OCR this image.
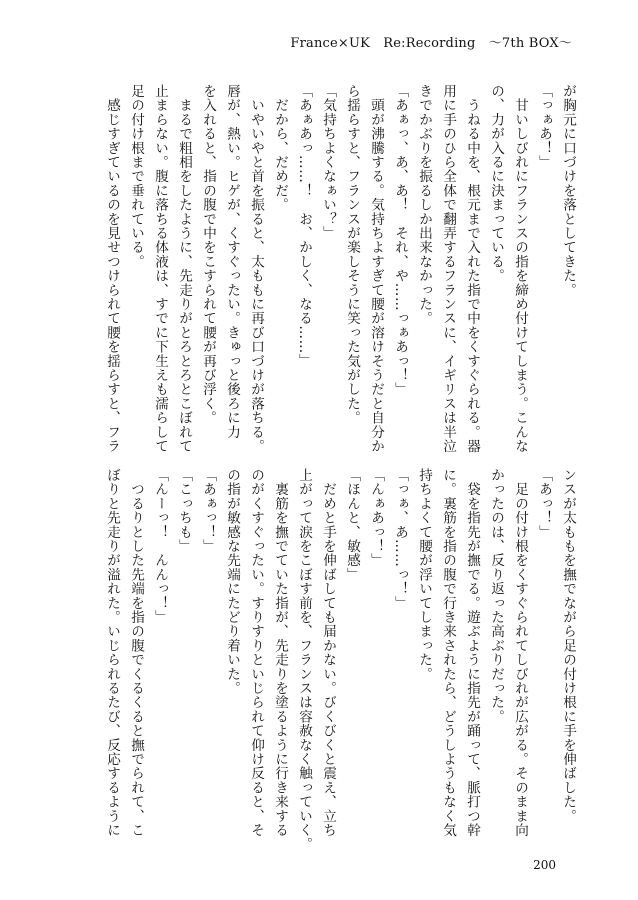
France×UK　Re:Recording　～7th BOX～

が胸元に口づけを落としてきた。

「っぁあ！」

　甘いしびれにフランスの指を締め付けてしまう。こんな

の、力が入るに決まっている。

　うねる中を、根元まで入れた指で中をくすぐられる。器

用に手のひら全体で翻弄するフランスに、イギリスは半泣

きでかぶりを振るしか出来なかった。

「あぁっ、あ、あ！　それ、や……っぁあっ！」

　頭が沸騰する。気持ちよすぎて腰が溶けそうだと自分か

ら揺らすと、フランスが楽しそうに笑った気がした。

「気持ちよくなぁい？」

「あぁあっ……！　お、かしく、なる……」

　だから、だめだ。

　いやいやと首を振ると、太ももに再び口づけが落ちる。

唇が、熱い。ヒゲが、くすぐったい。きゅっと後ろに力

を入れると、指の腹で中をこすられて腰が再び浮く。

　まるで粗相をしたように、先走りがとろとろとこぼれて

止まらない。腹に落ちる体液は、すでに下生えも濡らして

足の付け根まで垂れている。

　感じすぎているのを見せつけられて腰を揺らすと、フラ

ンスが太ももを撫でながら足の付け根に手を伸ばした。

「あっ！」

　足の付け根をくすぐられてしびれが広がる。そのまま向

かったのは、反り返った高ぶりだった。

　袋を指先が撫でる。遊ぶように指先が踊って、脈打つ幹

に。裏筋を指の腹で行き来されたら、どうしようもなく気

持ちよくて腰が浮いてしまった。

「っぁ、あ……っ！」

「んぁあっ！」

「ほんと、敏感」

　だめと手を伸ばしても届かない。びくびくと震え、立ち

上がって涙をこぼす前を、フランスは容赦なく触っていく。

　裏筋を撫でていた指が、先走りを塗るように行き来する

のがくすぐったい。すりすりといじられて仰け反ると、そ

の指が敏感な先端にたどり着いた。

「あぁっ！」

「こっちも」

「んーっ！　んんっ！」

　つるりとした先端を指の腹でくるくると撫でられて、こ

ぼりと先走りが溢れた。いじられるたび、反応するように

200
